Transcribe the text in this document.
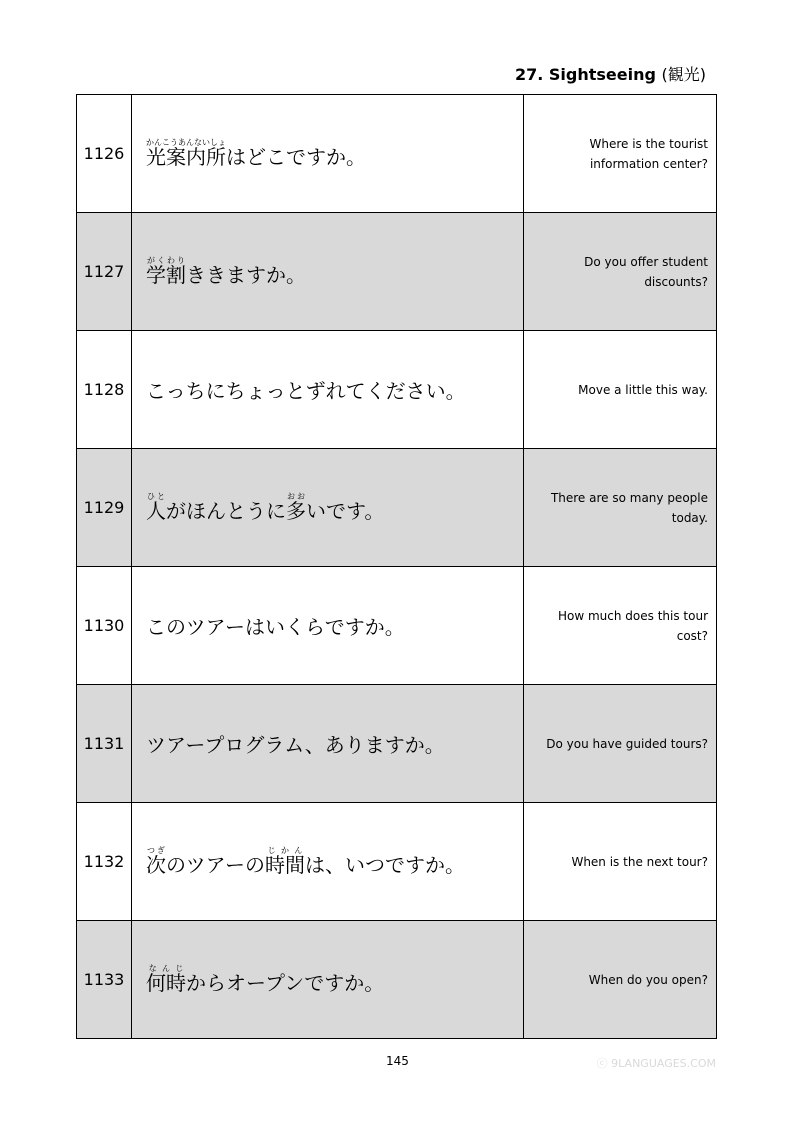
27. Sightseeing (観光)
1126	光案内所かんこうあんないしょはどこですか。	Where is the tourist information center?
1127	学割がくわりききますか。	Do you offer student discounts?
1128	こっちにちょっとずれてください。	Move a little this way.
1129	人ひとがほんとうに多おおいです。	There are so many people today.
1130	このツアーはいくらですか。	How much does this tour cost?
1131	ツアープログラム、ありますか。	Do you have guided tours?
1132	次つぎのツアーの時間じかんは、いつですか。	When is the next tour?
1133	何時なんじからオープンですか。	When do you open?
145	ⓒ 9LANGUAGES.COM
